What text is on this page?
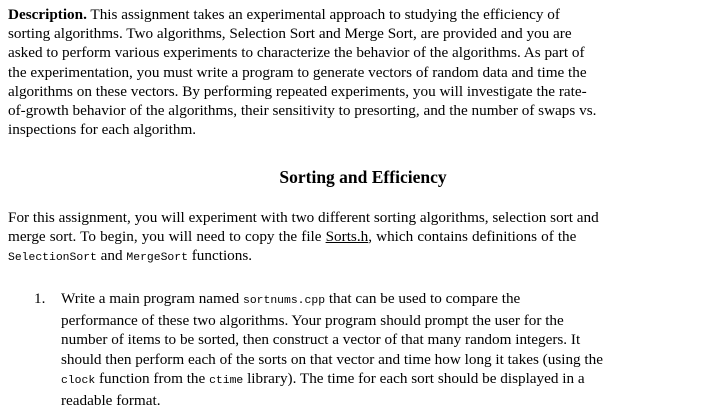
Description. This assignment takes an experimental approach to studying the efficiency of
sorting algorithms. Two algorithms, Selection Sort and Merge Sort, are provided and you are
asked to perform various experiments to characterize the behavior of the algorithms. As part of
the experimentation, you must write a program to generate vectors of random data and time the
algorithms on these vectors. By performing repeated experiments, you will investigate the rate-
of-growth behavior of the algorithms, their sensitivity to presorting, and the number of swaps vs.
inspections for each algorithm.
Sorting and Efficiency
For this assignment, you will experiment with two different sorting algorithms, selection sort and
merge sort. To begin, you will need to copy the file Sorts.h, which contains definitions of the
SelectionSort and MergeSort functions.
1. Write a main program named sortnums.cpp that can be used to compare the
performance of these two algorithms. Your program should prompt the user for the
number of items to be sorted, then construct a vector of that many random integers. It
should then perform each of the sorts on that vector and time how long it takes (using the
clock function from the ctime library). The time for each sort should be displayed in a
readable format.
